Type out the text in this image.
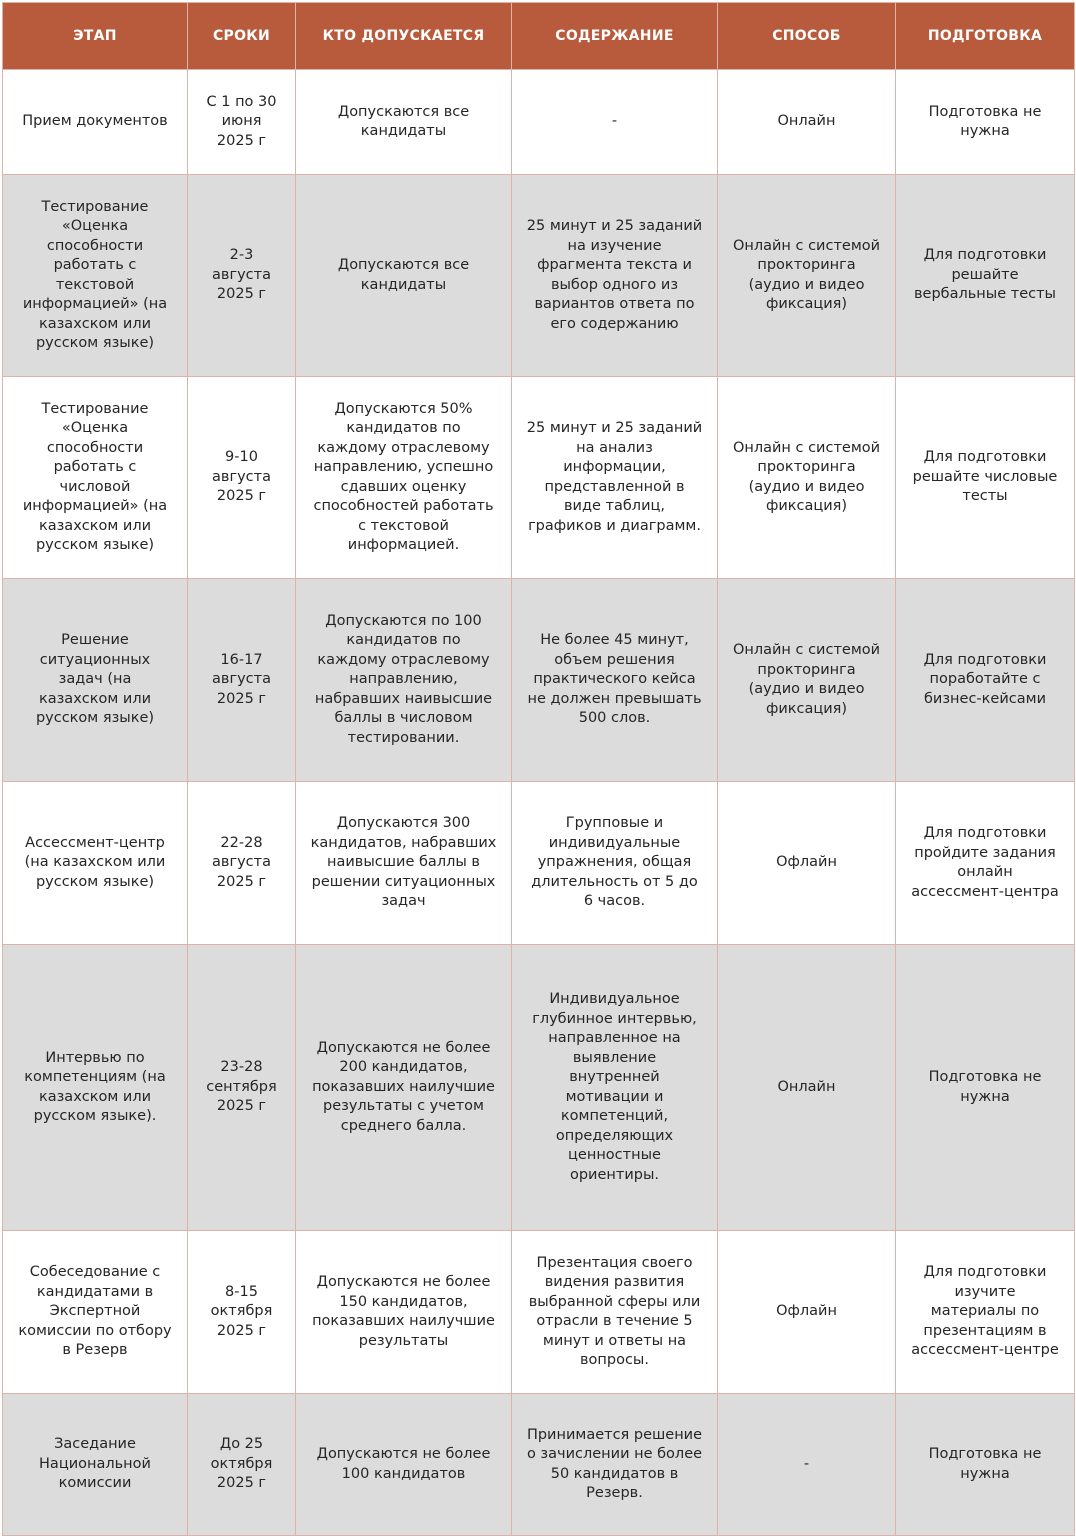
ЭТАП	СРОКИ	КТО ДОПУСКАЕТСЯ	СОДЕРЖАНИЕ	СПОСОБ	ПОДГОТОВКА
Прием документов	С 1 по 30 июня 2025 г	Допускаются все кандидаты	-	Онлайн	Подготовка не нужна
Тестирование «Оценка способности работать с текстовой информацией» (на казахском или русском языке)	2-3 августа 2025 г	Допускаются все кандидаты	25 минут и 25 заданий на изучение фрагмента текста и выбор одного из вариантов ответа по его содержанию	Онлайн с системой прокторинга (аудио и видео фиксация)	Для подготовки решайте вербальные тесты
Тестирование «Оценка способности работать с числовой информацией» (на казахском или русском языке)	9-10 августа 2025 г	Допускаются 50% кандидатов по каждому отраслевому направлению, успешно сдавших оценку способностей работать с текстовой информацией.	25 минут и 25 заданий на анализ информации, представленной в виде таблиц, графиков и диаграмм.	Онлайн с системой прокторинга (аудио и видео фиксация)	Для подготовки решайте числовые тесты
Решение ситуационных задач (на казахском или русском языке)	16-17 августа 2025 г	Допускаются по 100 кандидатов по каждому отраслевому направлению, набравших наивысшие баллы в числовом тестировании.	Не более 45 минут, объем решения практического кейса не должен превышать 500 слов.	Онлайн с системой прокторинга (аудио и видео фиксация)	Для подготовки поработайте с бизнес-кейсами
Ассессмент-центр (на казахском или русском языке)	22-28 августа 2025 г	Допускаются 300 кандидатов, набравших наивысшие баллы в решении ситуационных задач	Групповые и индивидуальные упражнения, общая длительность от 5 до 6 часов.	Офлайн	Для подготовки пройдите задания онлайн ассессмент-центра
Интервью по компетенциям (на казахском или русском языке).	23-28 сентября 2025 г	Допускаются не более 200 кандидатов, показавших наилучшие результаты с учетом среднего балла.	Индивидуальное глубинное интервью, направленное на выявление внутренней мотивации и компетенций, определяющих ценностные ориентиры.	Онлайн	Подготовка не нужна
Собеседование с кандидатами в Экспертной комиссии по отбору в Резерв	8-15 октября 2025 г	Допускаются не более 150 кандидатов, показавших наилучшие результаты	Презентация своего видения развития выбранной сферы или отрасли в течение 5 минут и ответы на вопросы.	Офлайн	Для подготовки изучите материалы по презентациям в ассессмент-центре
Заседание Национальной комиссии	До 25 октября 2025 г	Допускаются не более 100 кандидатов	Принимается решение о зачислении не более 50 кандидатов в Резерв.	-	Подготовка не нужна
